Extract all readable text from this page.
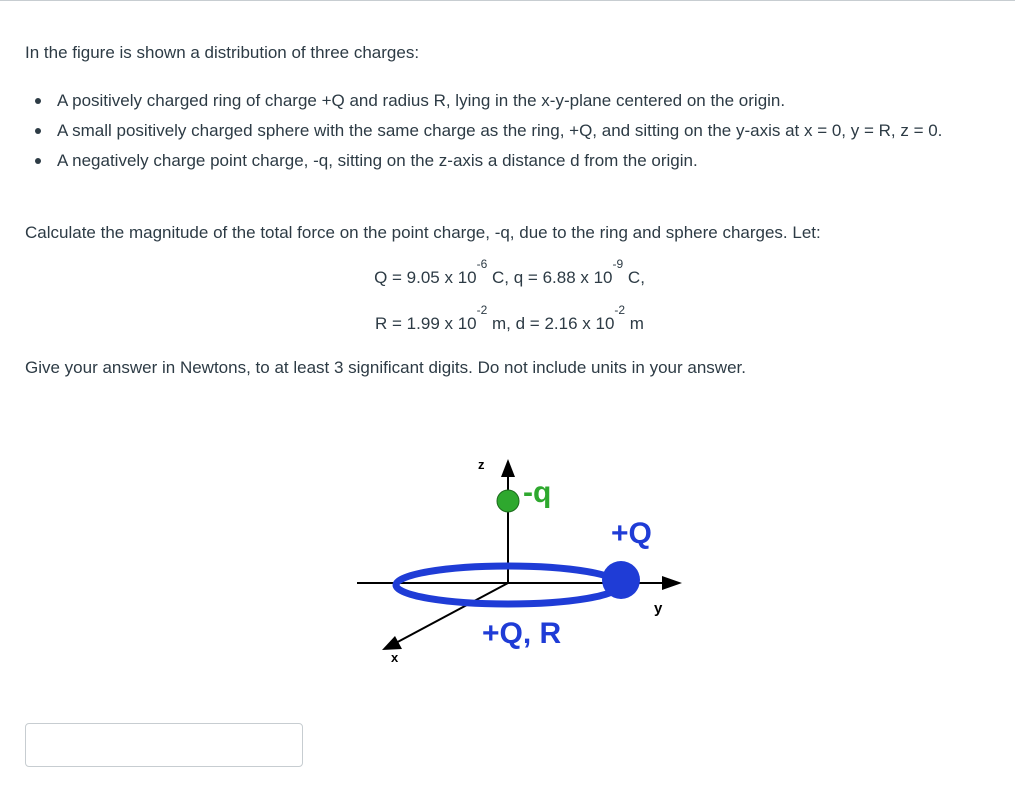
In the figure is shown a distribution of three charges:

A positively charged ring of charge +Q and radius R, lying in the x-y-plane centered on the origin.
A small positively charged sphere with the same charge as the ring, +Q, and sitting on the y-axis at x = 0, y = R, z = 0.
A negatively charge point charge, -q, sitting on the z-axis a distance d from the origin.

Calculate the magnitude of the total force on the point charge, -q, due to the ring and sphere charges. Let:

Q = 9.05 x $10^{-6}$ C, q = 6.88 x $10^{-9}$ C,
R = 1.99 x $10^{-2}$ m, d = 2.16 x $10^{-2}$ m

Give your answer in Newtons, to at least 3 significant digits. Do not include units in your answer.

z
-q
+Q
y
+Q, R
x
